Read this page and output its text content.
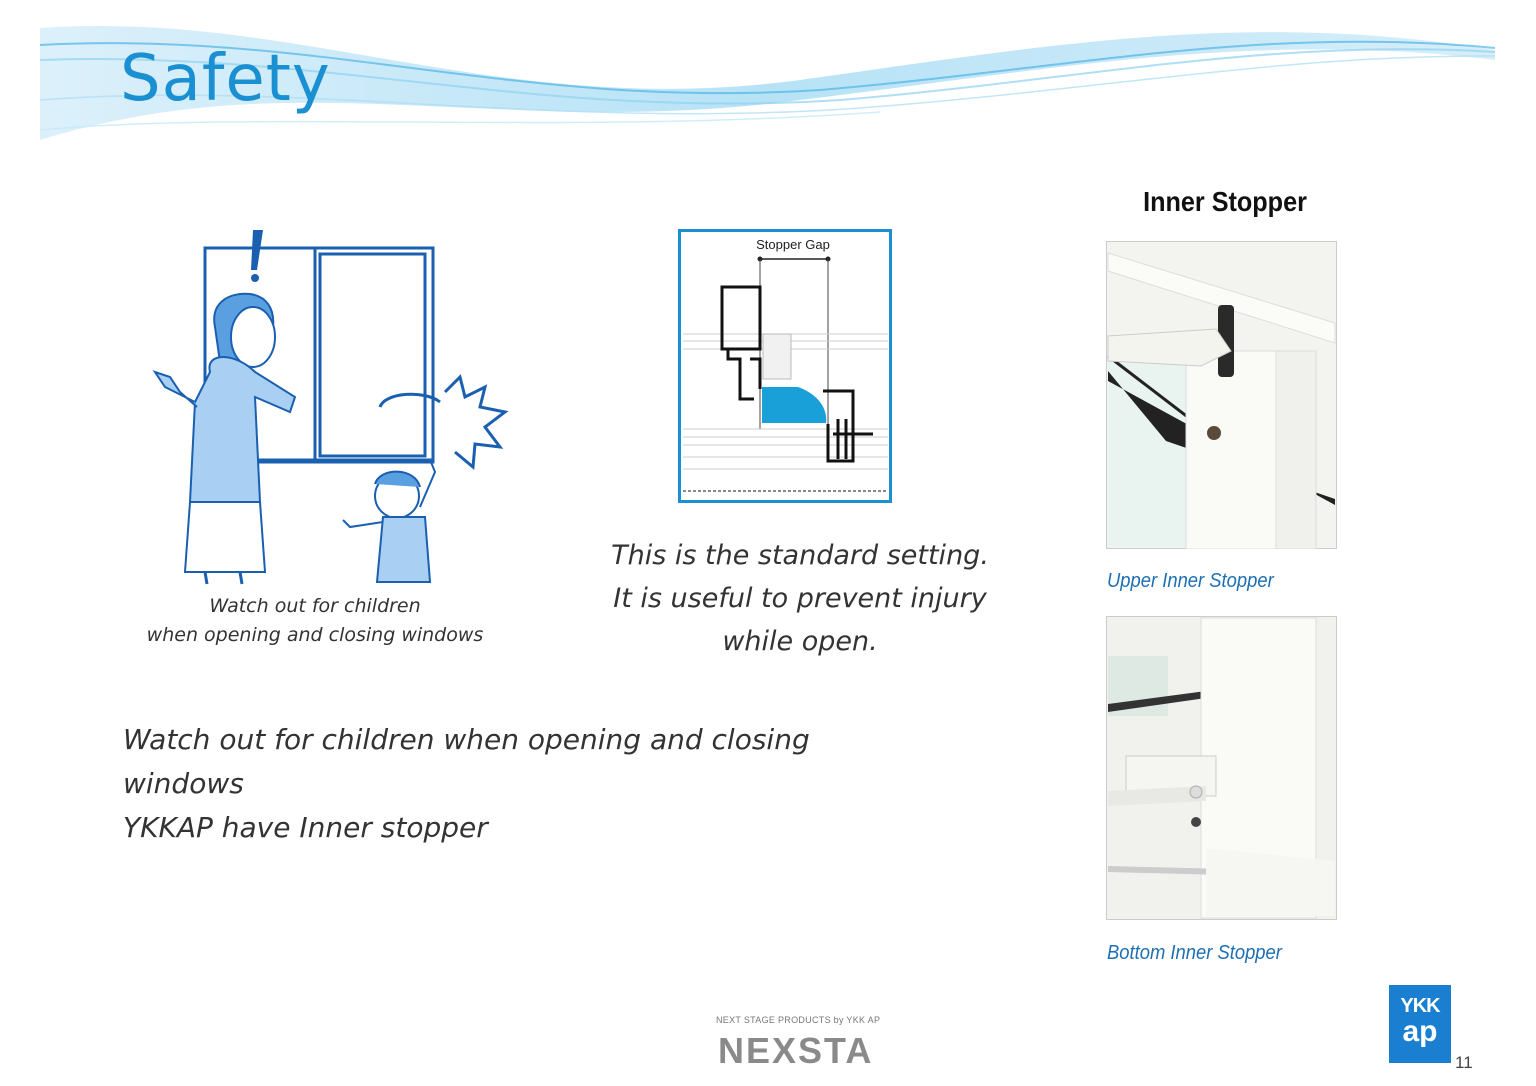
Safety
Watch out for children
when opening and closing windows
Stopper Gap
This is the standard setting.
It is useful to prevent injury
while open.
Watch out for children when opening and closing
windows
YKKAP have Inner stopper
Inner Stopper
Upper Inner Stopper
Bottom Inner Stopper
NEXT STAGE PRODUCTS by YKK AP
NEXSTA
YKK
ap
11
